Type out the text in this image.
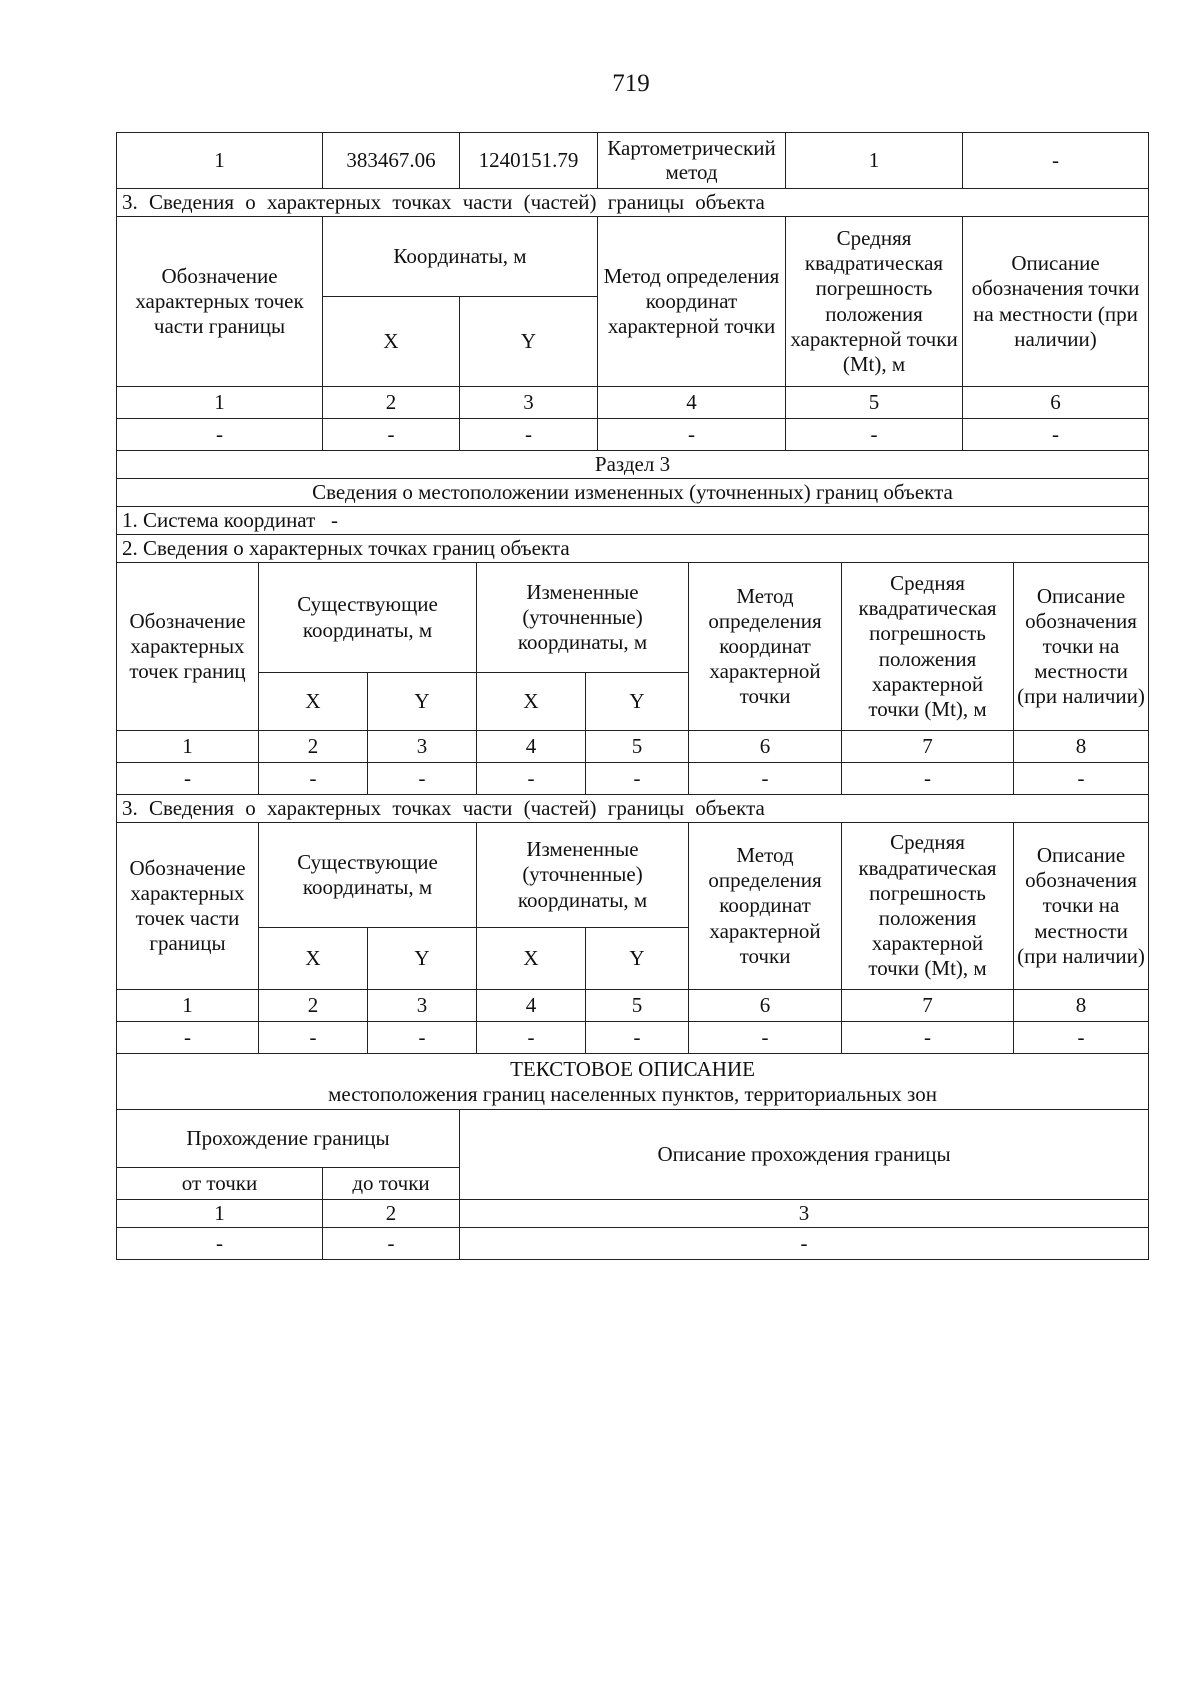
719
1	383467.06	1240151.79	Картометрический метод	1	-
3. Сведения о характерных точках части (частей) границы объекта					
Обозначение характерных точек части границы	Координаты, м		Метод определения координат характерной точки	Средняя квадратическая погрешность положения характерной точки (Mt), м	Описание обозначения точки на местности (при наличии)
	X	Y			
1	2	3	4	5	6
-	-	-	-	-	-
Раздел 3					
Сведения о местоположении измененных (уточненных) границ объекта					
1. Система координат   -					
2. Сведения о характерных точках границ объекта					
Обозначение характерных точек границ	Существующие координаты, м		Измененные (уточненные) координаты, м		Метод определения координат характерной точки	Средняя квадратическая погрешность положения характерной точки (Mt), м	Описание обозначения точки на местности (при наличии)
	X	Y	X	Y			
1	2	3	4	5	6	7	8
-	-	-	-	-	-	-	-
3. Сведения о характерных точках части (частей) границы объекта							
Обозначение характерных точек части границы	Существующие координаты, м		Измененные (уточненные) координаты, м		Метод определения координат характерной точки	Средняя квадратическая погрешность положения характерной точки (Mt), м	Описание обозначения точки на местности (при наличии)
	X	Y	X	Y			
1	2	3	4	5	6	7	8
-	-	-	-	-	-	-	-
ТЕКСТОВОЕ ОПИСАНИЕ
местоположения границ населенных пунктов, территориальных зон		

Прохождение границы		Описание прохождения границы
от точки	до точки	
1	2	3
-	-	-
